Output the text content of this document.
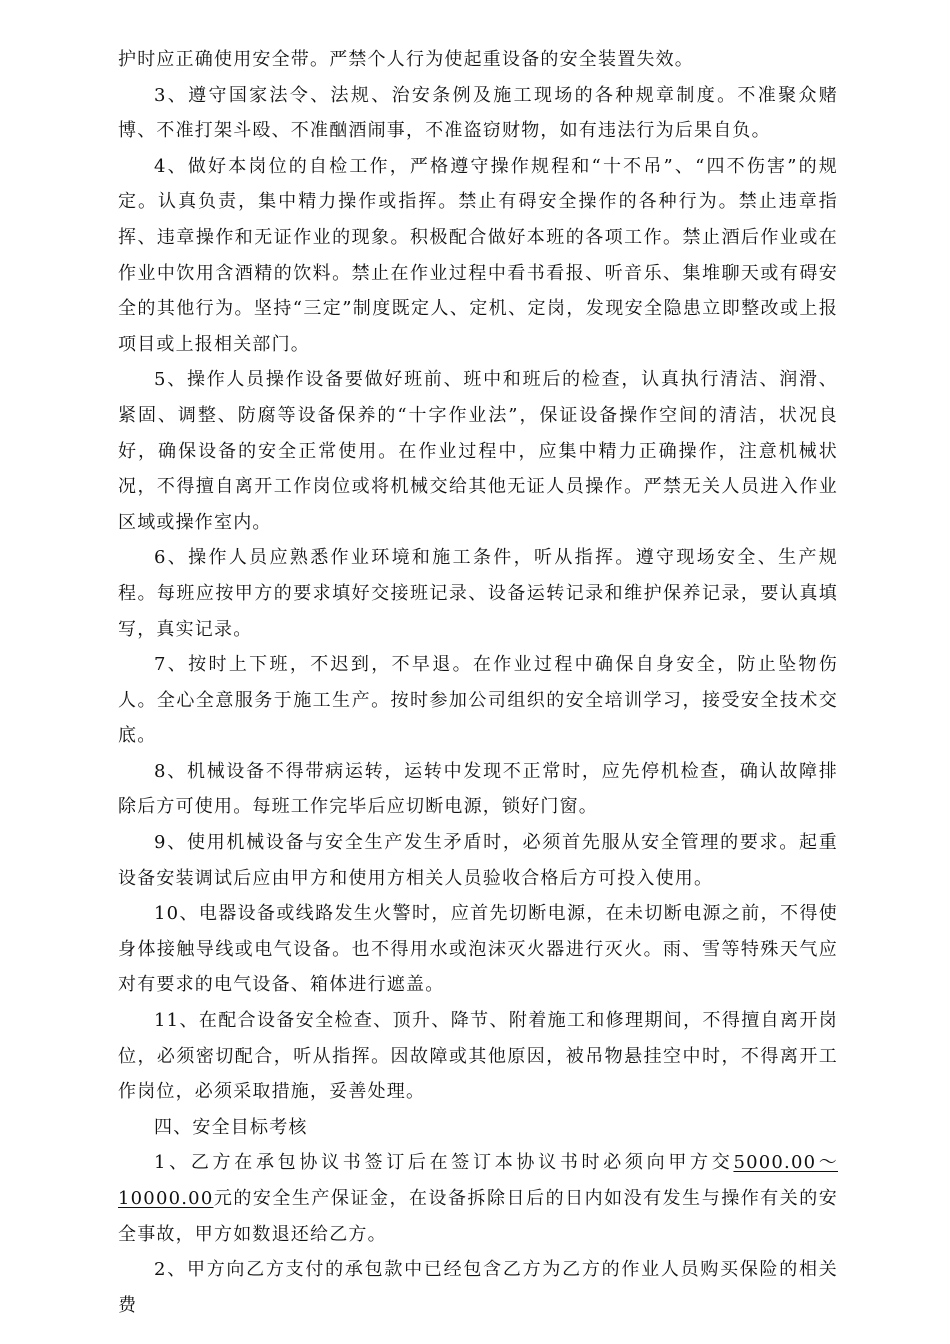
护时应正确使用安全带。严禁个人行为使起重设备的安全装置失效。

3、遵守国家法令、法规、治安条例及施工现场的各种规章制度。不准聚众赌博、不准打架斗殴、不准酗酒闹事，不准盗窃财物，如有违法行为后果自负。

4、做好本岗位的自检工作，严格遵守操作规程和“十不吊”、“四不伤害”的规定。认真负责，集中精力操作或指挥。禁止有碍安全操作的各种行为。禁止违章指挥、违章操作和无证作业的现象。积极配合做好本班的各项工作。禁止酒后作业或在作业中饮用含酒精的饮料。禁止在作业过程中看书看报、听音乐、集堆聊天或有碍安全的其他行为。坚持“三定”制度既定人、定机、定岗，发现安全隐患立即整改或上报项目或上报相关部门。

5、操作人员操作设备要做好班前、班中和班后的检查，认真执行清洁、润滑、紧固、调整、防腐等设备保养的“十字作业法”，保证设备操作空间的清洁，状况良好，确保设备的安全正常使用。在作业过程中，应集中精力正确操作，注意机械状况，不得擅自离开工作岗位或将机械交给其他无证人员操作。严禁无关人员进入作业区域或操作室内。

6、操作人员应熟悉作业环境和施工条件，听从指挥。遵守现场安全、生产规程。每班应按甲方的要求填好交接班记录、设备运转记录和维护保养记录，要认真填写，真实记录。

7、按时上下班，不迟到，不早退。在作业过程中确保自身安全，防止坠物伤人。全心全意服务于施工生产。按时参加公司组织的安全培训学习，接受安全技术交底。

8、机械设备不得带病运转，运转中发现不正常时，应先停机检查，确认故障排除后方可使用。每班工作完毕后应切断电源，锁好门窗。

9、使用机械设备与安全生产发生矛盾时，必须首先服从安全管理的要求。起重设备安装调试后应由甲方和使用方相关人员验收合格后方可投入使用。

10、电器设备或线路发生火警时，应首先切断电源，在未切断电源之前，不得使身体接触导线或电气设备。也不得用水或泡沫灭火器进行灭火。雨、雪等特殊天气应对有要求的电气设备、箱体进行遮盖。

11、在配合设备安全检查、顶升、降节、附着施工和修理期间，不得擅自离开岗位，必须密切配合，听从指挥。因故障或其他原因，被吊物悬挂空中时，不得离开工作岗位，必须采取措施，妥善处理。

四、安全目标考核

1、乙方在承包协议书签订后在签订本协议书时必须向甲方交5000.00～10000.00元的安全生产保证金，在设备拆除日后的日内如没有发生与操作有关的安全事故，甲方如数退还给乙方。

2、甲方向乙方支付的承包款中已经包含乙方为乙方的作业人员购买保险的相关费
